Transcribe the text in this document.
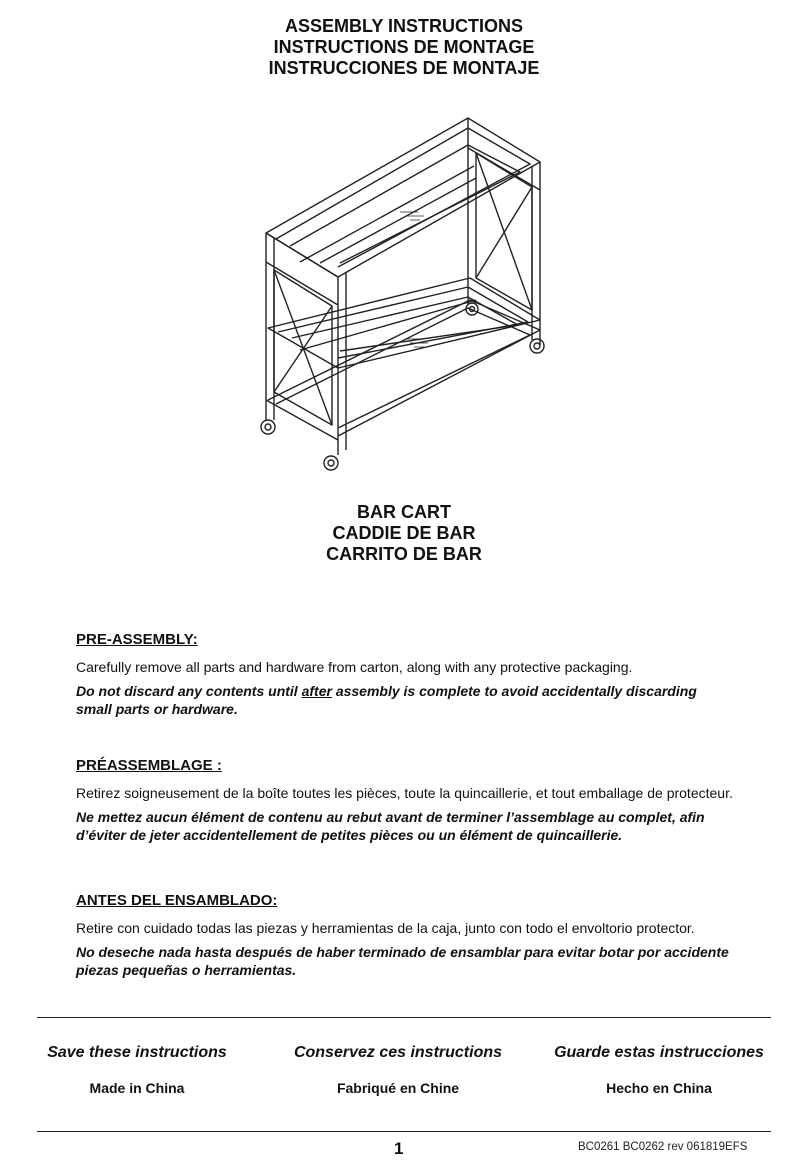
ASSEMBLY INSTRUCTIONS
INSTRUCTIONS DE MONTAGE
INSTRUCCIONES DE MONTAJE
BAR CART
CADDIE DE BAR
CARRITO DE BAR
PRE-ASSEMBLY:

Carefully remove all parts and hardware from carton, along with any protective packaging.

Do not discard any contents until after assembly is complete to avoid accidentally discarding small parts or hardware.

PRÉASSEMBLAGE :

Retirez soigneusement de la boîte toutes les pièces, toute la quincaillerie, et tout emballage de protecteur.

Ne mettez aucun élément de contenu au rebut avant de terminer l’assemblage au complet, afin d’éviter de jeter accidentellement de petites pièces ou un élément de quincaillerie.

ANTES DEL ENSAMBLADO:

Retire con cuidado todas las piezas y herramientas de la caja, junto con todo el envoltorio protector.

No deseche nada hasta después de haber terminado de ensamblar para evitar botar por accidente piezas pequeñas o herramientas.

Save these instructions	Conservez ces instructions	Guarde estas instrucciones
Made in China	Fabriqué en Chine	Hecho en China
1	BC0261 BC0262 rev 061819EFS
